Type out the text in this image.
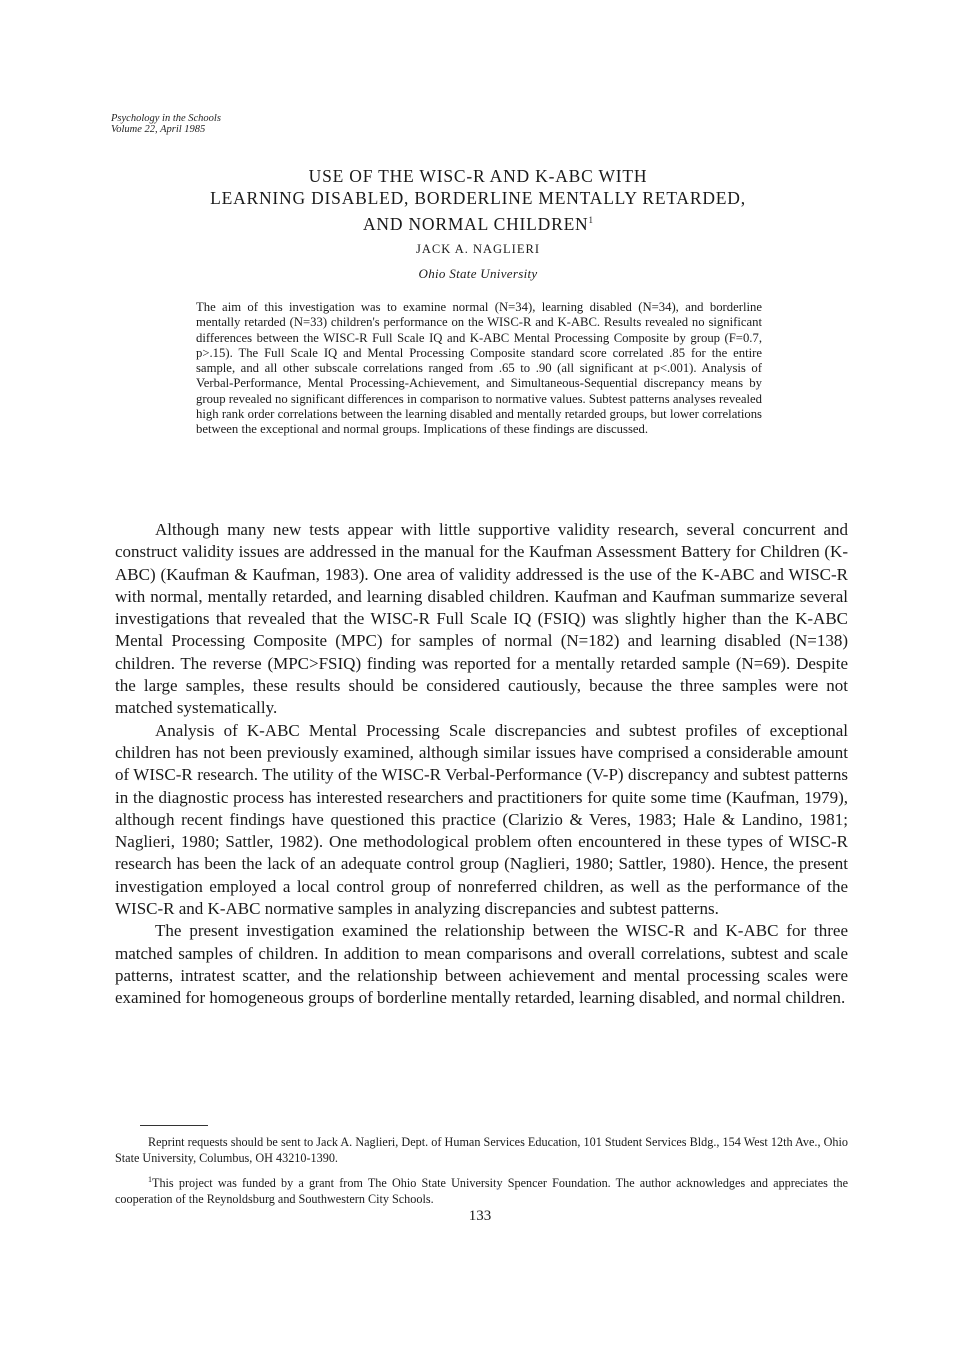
Psychology in the Schools
Volume 22, April 1985
USE OF THE WISC-R AND K-ABC WITH
LEARNING DISABLED, BORDERLINE MENTALLY RETARDED,
AND NORMAL CHILDREN$^1$
JACK A. NAGLIERI
Ohio State University
The aim of this investigation was to examine normal (N=34), learning disabled (N=34), and borderline mentally retarded (N=33) children's performance on the WISC-R and K-ABC. Results revealed no significant differences between the WISC-R Full Scale IQ and K-ABC Mental Processing Composite by group (F=0.7, p>.15). The Full Scale IQ and Mental Processing Composite standard score correlated .85 for the entire sample, and all other subscale correlations ranged from .65 to .90 (all significant at p<.001). Analysis of Verbal-Performance, Mental Processing-Achievement, and Simultaneous-Sequential discrepancy means by group revealed no significant differences in comparison to normative values. Subtest patterns analyses revealed high rank order correlations between the learning disabled and mentally retarded groups, but lower correlations between the exceptional and normal groups. Implications of these findings are discussed.

Although many new tests appear with little supportive validity research, several concurrent and construct validity issues are addressed in the manual for the Kaufman Assessment Battery for Children (K-ABC) (Kaufman & Kaufman, 1983). One area of validity addressed is the use of the K-ABC and WISC-R with normal, mentally retarded, and learning disabled children. Kaufman and Kaufman summarize several investigations that revealed that the WISC-R Full Scale IQ (FSIQ) was slightly higher than the K-ABC Mental Processing Composite (MPC) for samples of normal (N=182) and learning disabled (N=138) children. The reverse (MPC>FSIQ) finding was reported for a mentally retarded sample (N=69). Despite the large samples, these results should be considered cautiously, because the three samples were not matched systematically.

Analysis of K-ABC Mental Processing Scale discrepancies and subtest profiles of exceptional children has not been previously examined, although similar issues have comprised a considerable amount of WISC-R research. The utility of the WISC-R Verbal-Performance (V-P) discrepancy and subtest patterns in the diagnostic process has interested researchers and practitioners for quite some time (Kaufman, 1979), although recent findings have questioned this practice (Clarizio & Veres, 1983; Hale & Landino, 1981; Naglieri, 1980; Sattler, 1982). One methodological problem often encountered in these types of WISC-R research has been the lack of an adequate control group (Naglieri, 1980; Sattler, 1980). Hence, the present investigation employed a local control group of nonreferred children, as well as the performance of the WISC-R and K-ABC normative samples in analyzing discrepancies and subtest patterns.

The present investigation examined the relationship between the WISC-R and K-ABC for three matched samples of children. In addition to mean comparisons and overall correlations, subtest and scale patterns, intratest scatter, and the relationship between achievement and mental processing scales were examined for homogeneous groups of borderline mentally retarded, learning disabled, and normal children.

Reprint requests should be sent to Jack A. Naglieri, Dept. of Human Services Education, 101 Student Services Bldg., 154 West 12th Ave., Ohio State University, Columbus, OH 43210-1390.

$^1$This project was funded by a grant from The Ohio State University Spencer Foundation. The author acknowledges and appreciates the cooperation of the Reynoldsburg and Southwestern City Schools.

133
